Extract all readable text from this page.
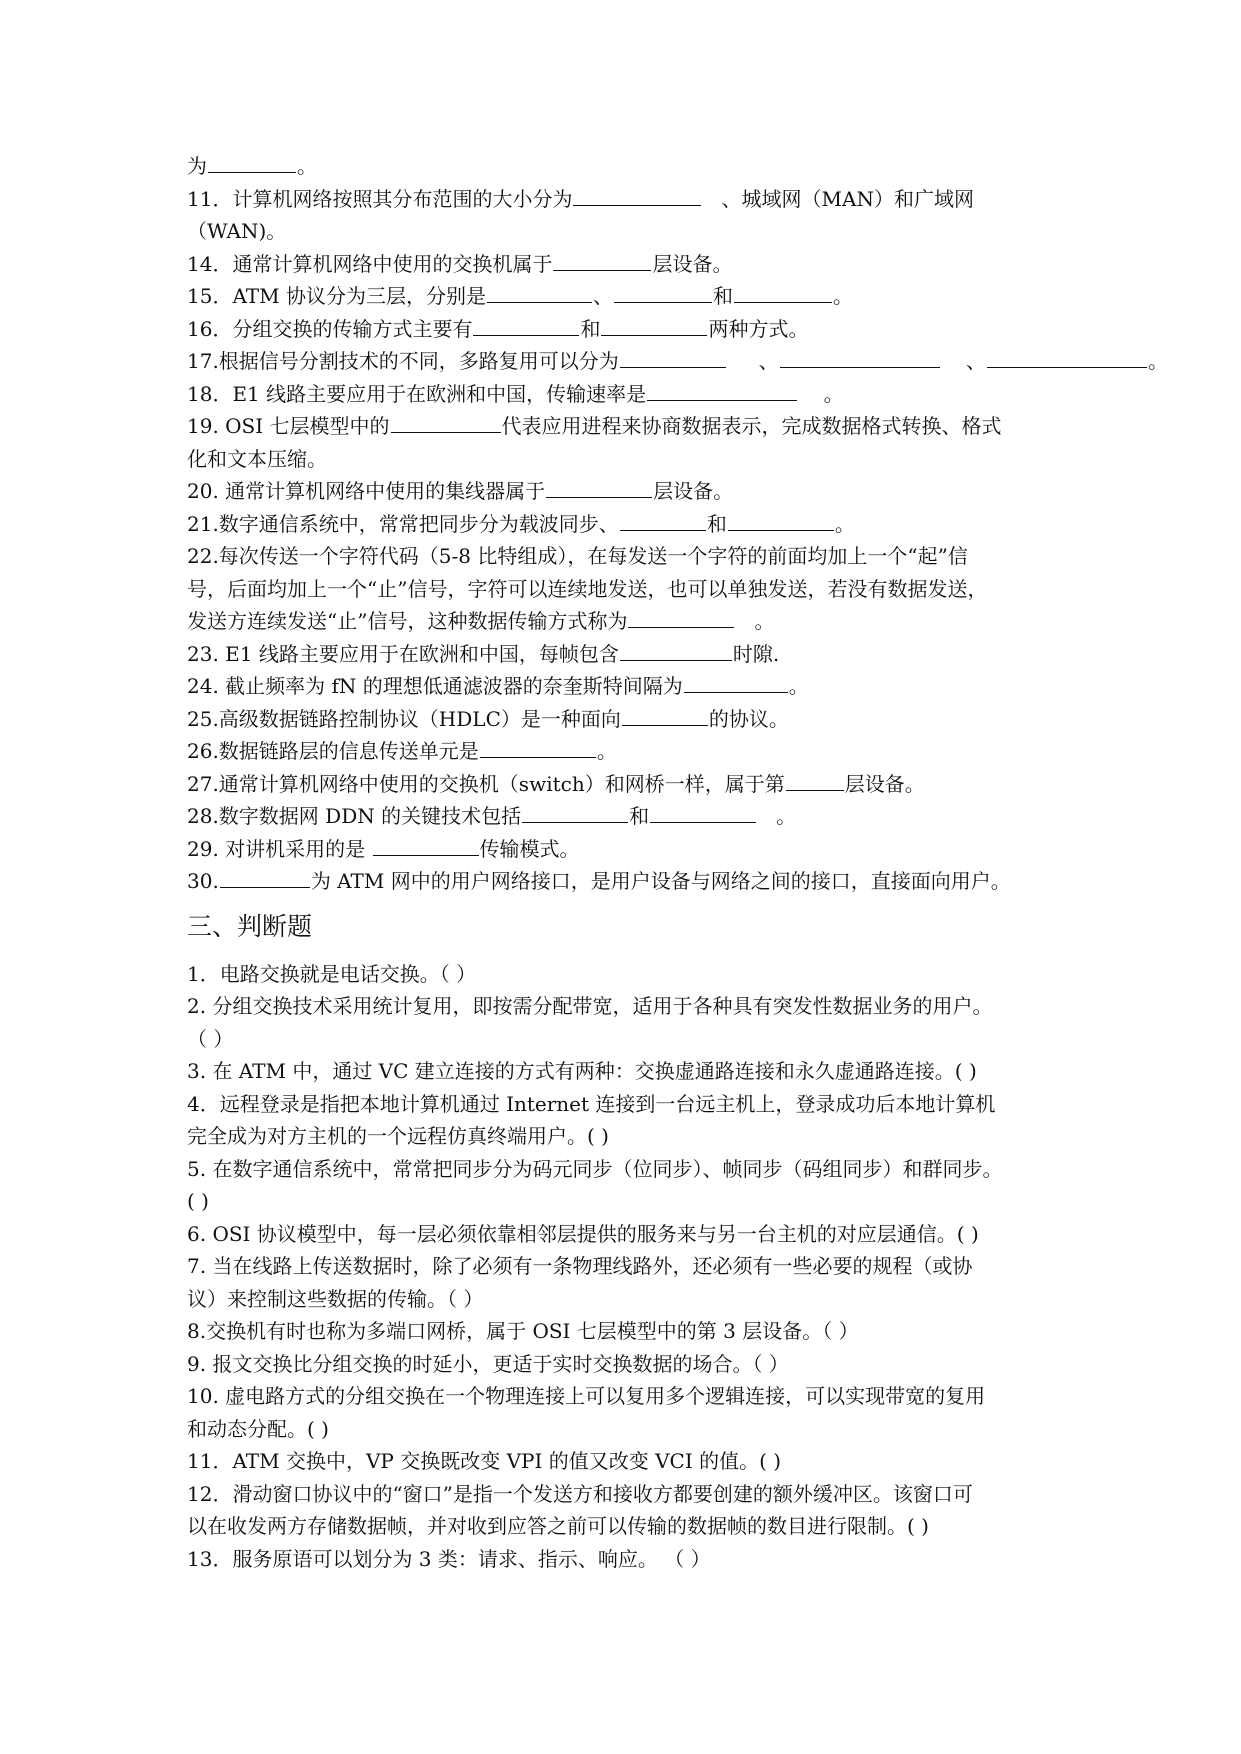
为	。
11．计算机网络按照其分布范围的大小分为	、城域网（MAN）和广域网
（WAN)。
14．通常计算机网络中使用的交换机属于	层设备。
15．ATM 协议分为三层，分别是	、	和	。
16．分组交换的传输方式主要有	和	两种方式。
17.根据信号分割技术的不同，多路复用可以分为	、	、	。
18．E1 线路主要应用于在欧洲和中国，传输速率是	。
19. OSI 七层模型中的	代表应用进程来协商数据表示，完成数据格式转换、格式
化和文本压缩。
20. 通常计算机网络中使用的集线器属于	层设备。
21.数字通信系统中，常常把同步分为载波同步、	和	。
22.每次传送一个字符代码（5-8 比特组成），在每发送一个字符的前面均加上一个“起”信
号，后面均加上一个“止”信号，字符可以连续地发送，也可以单独发送，若没有数据发送，
发送方连续发送“止”信号，这种数据传输方式称为	。
23. E1 线路主要应用于在欧洲和中国，每帧包含	时隙.
24. 截止频率为 fN 的理想低通滤波器的奈奎斯特间隔为	。
25.高级数据链路控制协议（HDLC）是一种面向	的协议。
26.数据链路层的信息传送单元是	。
27.通常计算机网络中使用的交换机（switch）和网桥一样，属于第	层设备。
28.数字数据网 DDN 的关键技术包括	和	。
29. 对讲机采用的是	传输模式。
30.	为 ATM 网中的用户网络接口，是用户设备与网络之间的接口，直接面向用户。
三、判断题
1．电路交换就是电话交换。（ ）
2. 分组交换技术采用统计复用，即按需分配带宽，适用于各种具有突发性数据业务的用户。
（ ）
3. 在 ATM 中，通过 VC 建立连接的方式有两种：交换虚通路连接和永久虚通路连接。( )
4．远程登录是指把本地计算机通过 Internet 连接到一台远主机上，登录成功后本地计算机
完全成为对方主机的一个远程仿真终端用户。( )
5. 在数字通信系统中，常常把同步分为码元同步（位同步）、帧同步（码组同步）和群同步。
( )
6. OSI 协议模型中，每一层必须依靠相邻层提供的服务来与另一台主机的对应层通信。( )
7. 当在线路上传送数据时，除了必须有一条物理线路外，还必须有一些必要的规程（或协
议）来控制这些数据的传输。（ ）
8.交换机有时也称为多端口网桥，属于 OSI 七层模型中的第 3 层设备。（ ）
9. 报文交换比分组交换的时延小，更适于实时交换数据的场合。（ ）
10. 虚电路方式的分组交换在一个物理连接上可以复用多个逻辑连接，可以实现带宽的复用
和动态分配。( )
11．ATM 交换中，VP 交换既改变 VPI 的值又改变 VCI 的值。( )
12．滑动窗口协议中的“窗口”是指一个发送方和接收方都要创建的额外缓冲区。该窗口可
以在收发两方存储数据帧，并对收到应答之前可以传输的数据帧的数目进行限制。( )
13．服务原语可以划分为 3 类：请求、指示、响应。 （ ）
